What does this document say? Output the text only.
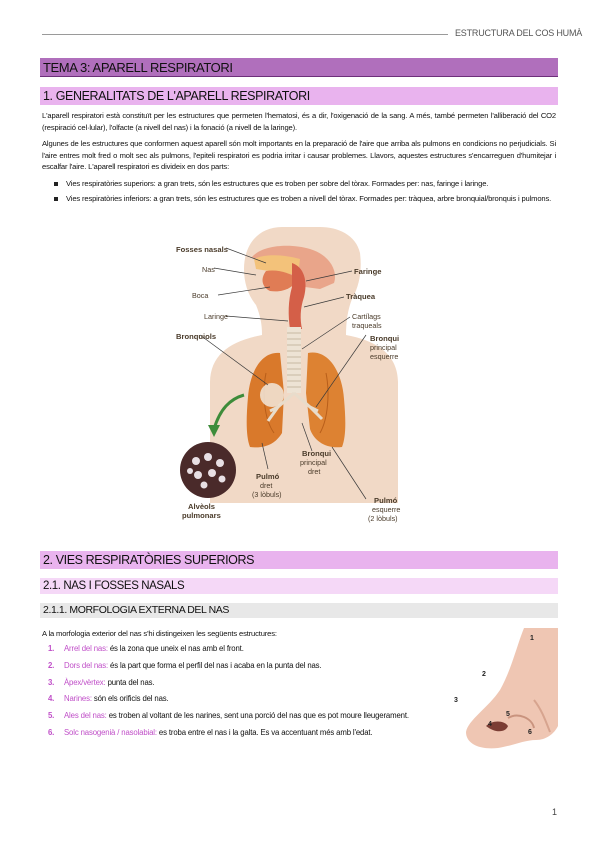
ESTRUCTURA DEL COS HUMÀ
TEMA 3: APARELL RESPIRATORI
1. GENERALITATS DE L'APARELL RESPIRATORI
L'aparell respiratori està constituït per les estructures que permeten l'hematosi, és a dir, l'oxigenació de la sang. A més, també permeten l'alliberació del CO2 (respiració cel·lular), l'olfacte (a nivell del nas) i la fonació (a nivell de la laringe).
Algunes de les estructures que conformen aquest aparell són molt importants en la preparació de l'aire que arriba als pulmons en condicions no perjudicials. Si l'aire entres molt fred o molt sec als pulmons, l'epiteli respiratori es podria irritar i causar problemes. Llavors, aquestes estructures s'encarreguen d'humitejar i escalfar l'aire. L'aparell respiratori es divideix en dos parts:
Vies respiratòries superiors: a gran trets, són les estructures que es troben per sobre del tòrax. Formades per: nas, faringe i laringe.
Vies respiratòries inferiors: a gran trets, són les estructures que es troben a nivell del tòrax. Formades per: tràquea, arbre bronquial/bronquis i pulmons.
Fosses nasals
Nas
Boca
Laringe
Bronquiols
Faringe
Tràquea
Cartílags
traqueals
Bronqui
principal
esquerre
Bronqui
principal
dret
Pulmó
dret
(3 lòbuls)
Pulmó
esquerre
(2 lòbuls)
Alvèols
pulmonars
2. VIES RESPIRATÒRIES SUPERIORS
2.1. NAS I FOSSES NASALS
2.1.1. MORFOLOGIA EXTERNA DEL NAS
A la morfologia exterior del nas s'hi distingeixen les següents estructures:
1. Arrel del nas: és la zona que uneix el nas amb el front.
2. Dors del nas: és la part que forma el perfil del nas i acaba en la punta del nas.
3. Àpex/vèrtex: punta del nas.
4. Narines: són els orificis del nas.
5. Ales del nas: es troben al voltant de les narines, sent una porció del nas que es pot moure lleugerament.
6. Solc nasogenià / nasolabial: es troba entre el nas i la galta. Es va accentuant més amb l'edat.
1
2
3
4
5
6
1
